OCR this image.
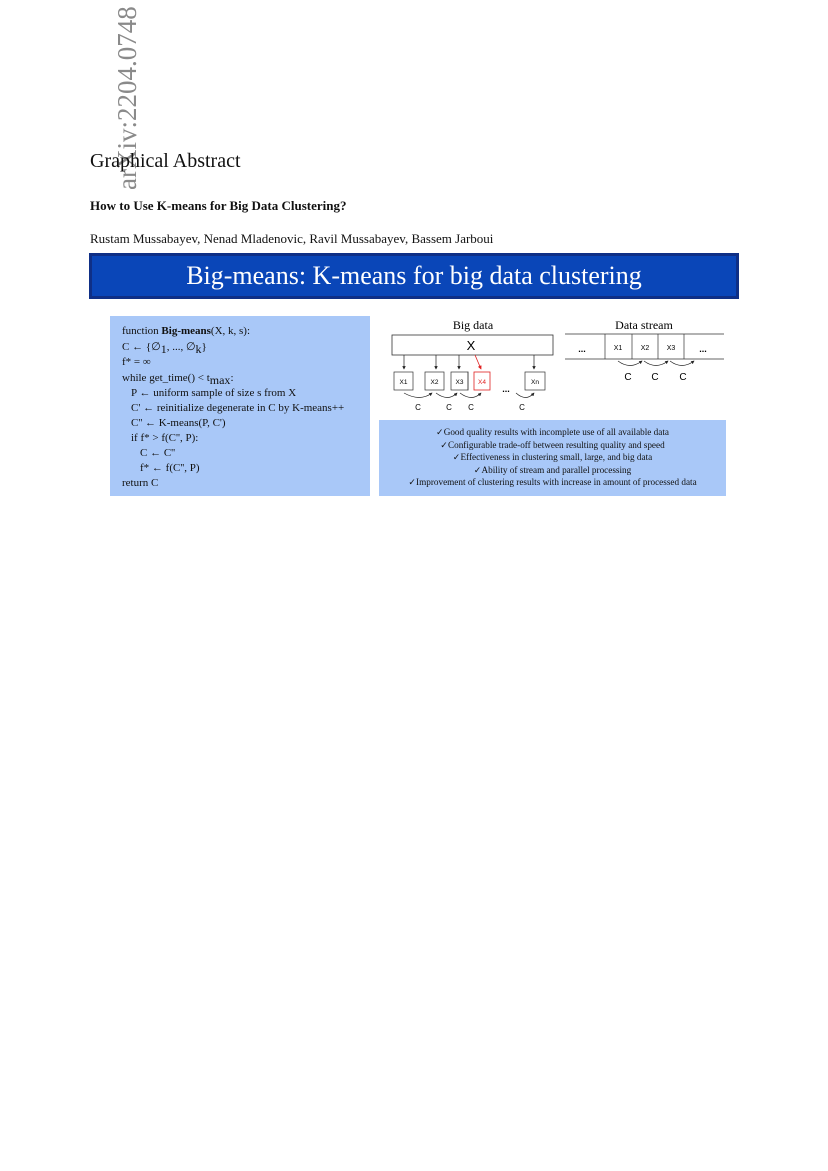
arXiv:2204.0748
Graphical Abstract
How to Use K-means for Big Data Clustering?

Rustam Mussabayev, Nenad Mladenovic, Ravil Mussabayev, Bassem Jarboui

Big-means: K-means for big data clustering
function Big-means(X, k, s):
C ← {∅1, ..., ∅k}
f* = ∞
while get_time() < tmax:
P ← uniform sample of size s from X
C' ← reinitialize degenerate in C by K-means++
C'' ← K-means(P, C')
if f* > f(C'', P):
C ← C''
f* ← f(C'', P)
return C
Big data
X
X1	X2	X3 X4	Xn
...
C	C C	C
Data stream
...	X1	X2 X3	...
C C C
✓Good quality results with incomplete use of all available data
✓Configurable trade-off between resulting quality and speed
✓Effectiveness in clustering small, large, and big data
✓Ability of stream and parallel processing
✓Improvement of clustering results with increase in amount of processed data
